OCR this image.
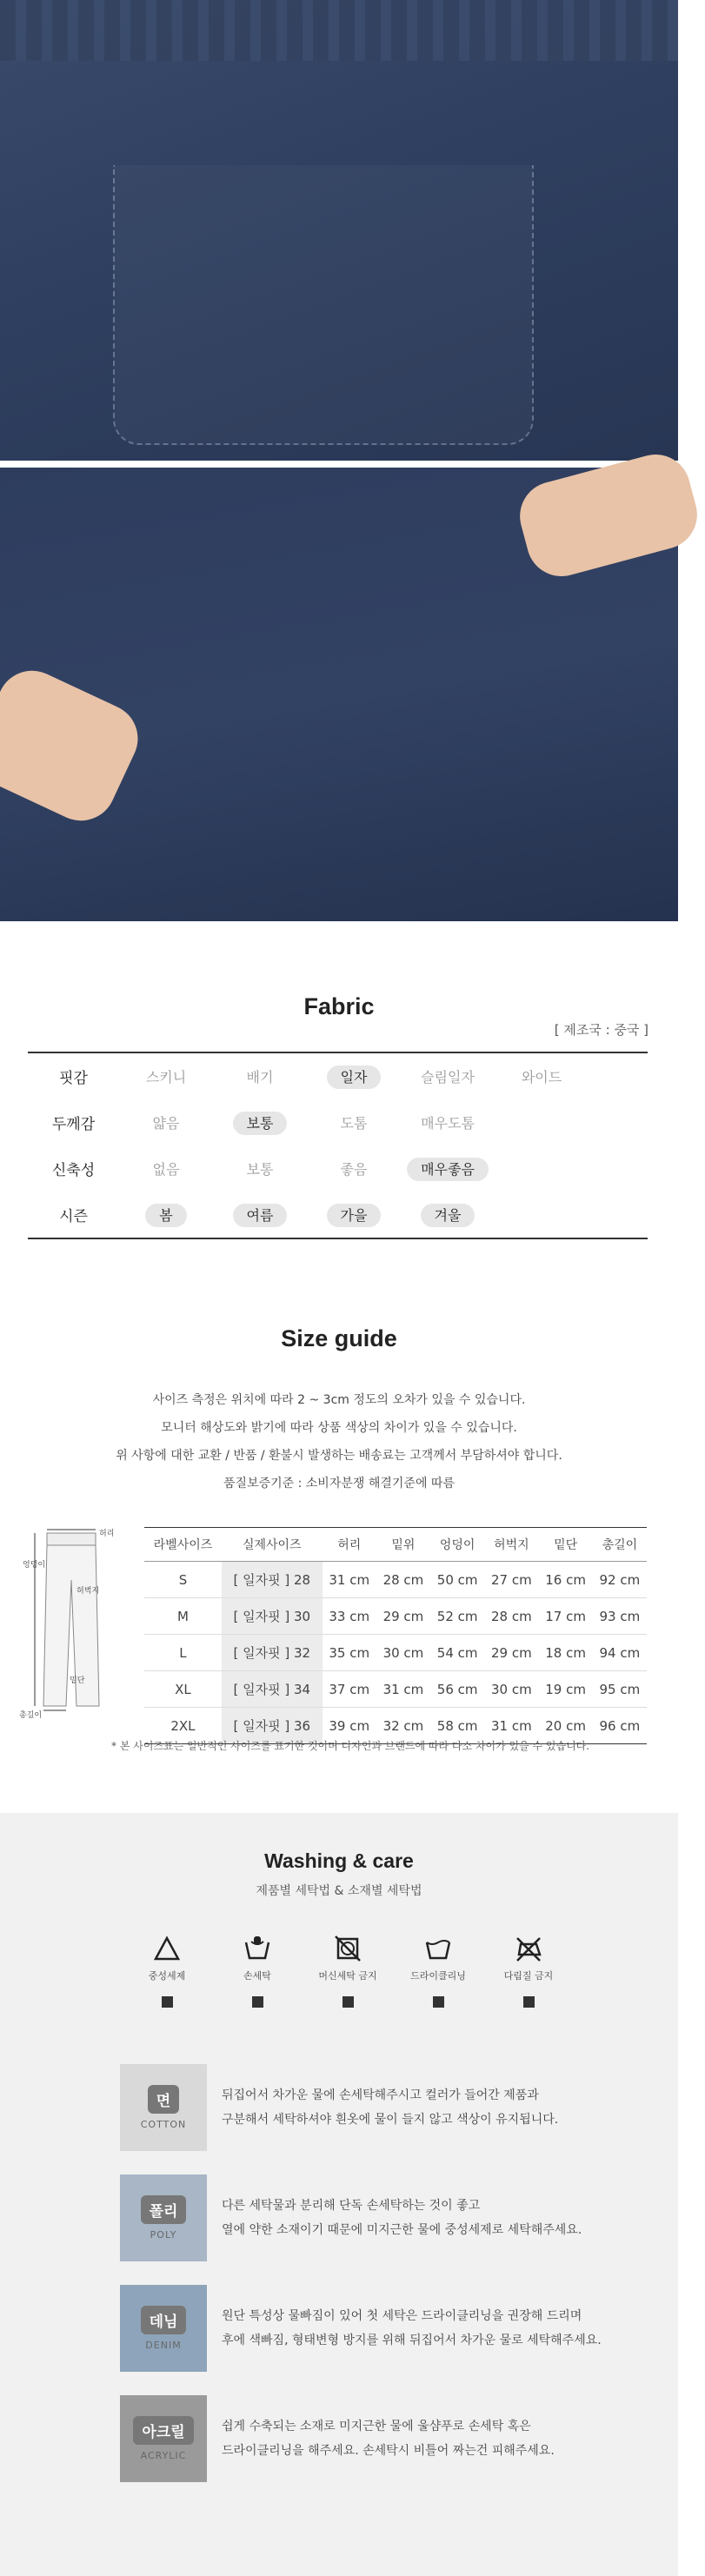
Fabric
[ 제조국 : 중국 ]
핏감	스키니	배기	일자	슬림일자	와이드
두께감	얇음	보통	도톰	매우도톰
신축성	없음	보통	좋음	매우좋음
시즌	봄	여름	가을	겨울
Size guide
사이즈 측정은 위치에 따라 2 ~ 3cm 정도의 오차가 있을 수 있습니다.
모니터 해상도와 밝기에 따라 상품 색상의 차이가 있을 수 있습니다.
위 사항에 대한 교환 / 반품 / 환불시 발생하는 배송료는 고객께서 부담하셔야 합니다.
품질보증기준 : 소비자분쟁 해결기준에 따름
허리
엉덩이
허벅지
밑단
총길이
라벨사이즈	실제사이즈	허리	밑위	엉덩이	허벅지	밑단	총길이
S	[ 일자핏 ] 28	31 cm	28 cm	50 cm	27 cm	16 cm	92 cm
M	[ 일자핏 ] 30	33 cm	29 cm	52 cm	28 cm	17 cm	93 cm
L	[ 일자핏 ] 32	35 cm	30 cm	54 cm	29 cm	18 cm	94 cm
XL	[ 일자핏 ] 34	37 cm	31 cm	56 cm	30 cm	19 cm	95 cm
2XL	[ 일자핏 ] 36	39 cm	32 cm	58 cm	31 cm	20 cm	96 cm
* 본 사이즈표는 일반적인 사이즈를 표기한 것이며 디자인과 브랜드에 따라 다소 차이가 있을 수 있습니다.
Washing & care
제품별 세탁법 & 소재별 세탁법
중성세제	손세탁	머신세탁 금지	드라이클리닝	다림질 금지
면
COTTON
뒤집어서 차가운 물에 손세탁해주시고 컬러가 들어간 제품과
구분해서 세탁하셔야 흰옷에 물이 들지 않고 색상이 유지됩니다.
폴리
POLY
다른 세탁물과 분리해 단독 손세탁하는 것이 좋고
열에 약한 소재이기 때문에 미지근한 물에 중성세제로 세탁해주세요.
데님
DENIM
원단 특성상 물빠짐이 있어 첫 세탁은 드라이클리닝을 권장해 드리며
후에 색빠짐, 형태변형 방지를 위해 뒤집어서 차가운 물로 세탁해주세요.
아크릴
ACRYLIC
쉽게 수축되는 소재로 미지근한 물에 울샴푸로 손세탁 혹은
드라이클리닝을 해주세요. 손세탁시 비틀어 짜는건 피해주세요.
